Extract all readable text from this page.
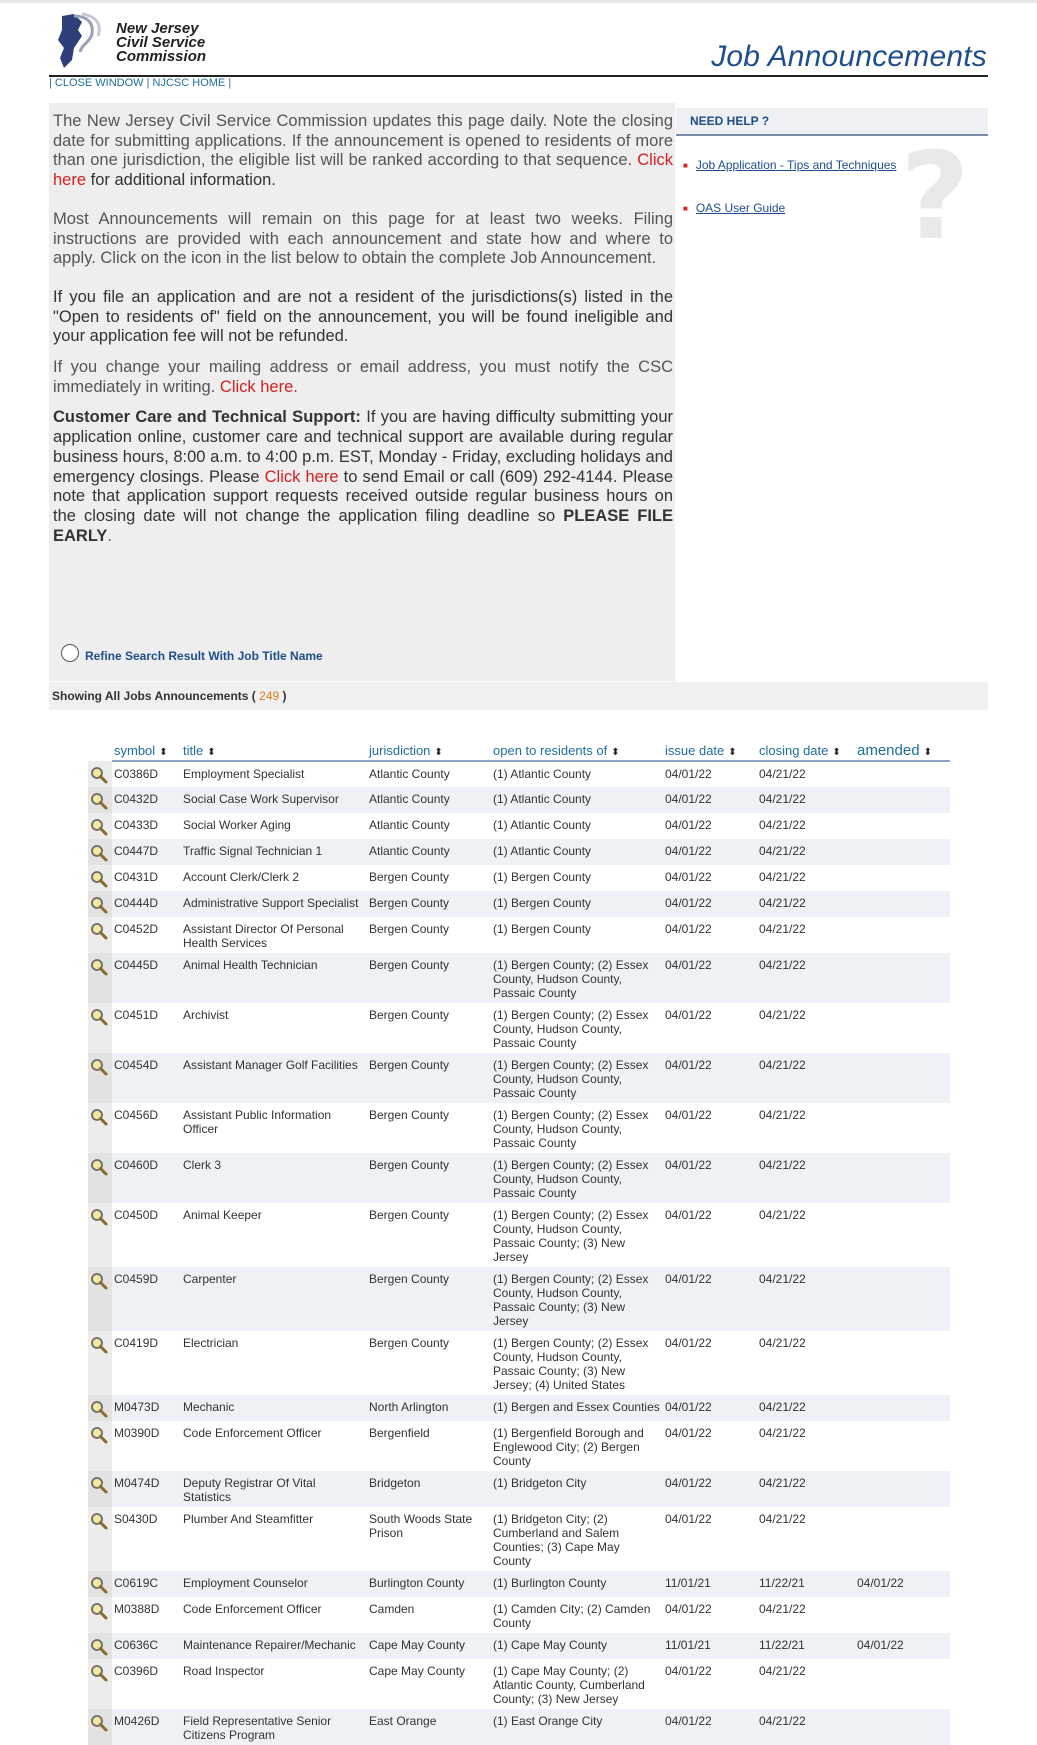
New Jersey
Civil Service
Commission	Job Announcements
| CLOSE WINDOW | NJCSC HOME |

The New Jersey Civil Service Commission updates this page daily. Note the closing date for submitting applications. If the announcement is opened to residents of more than one jurisdiction, the eligible list will be ranked according to that sequence. Click here for additional information.

Most Announcements will remain on this page for at least two weeks. Filing instructions are provided with each announcement and state how and where to apply. Click on the icon in the list below to obtain the complete Job Announcement.

If you file an application and are not a resident of the jurisdictions(s) listed in the "Open to residents of" field on the announcement, you will be found ineligible and your application fee will not be refunded.

If you change your mailing address or email address, you must notify the CSC immediately in writing. Click here.

Customer Care and Technical Support: If you are having difficulty submitting your application online, customer care and technical support are available during regular business hours, 8:00 a.m. to 4:00 p.m. EST, Monday - Friday, excluding holidays and emergency closings. Please Click here to send Email or call (609) 292-4144. Please note that application support requests received outside regular business hours on the closing date will not change the application filing deadline so PLEASE FILE EARLY.

NEED HELP ?
?
■ Job Application - Tips and Techniques
■ OAS User Guide
Refine Search Result With Job Title Name
Showing All Jobs Announcements ( 249 )
	symbol ⬍	title ⬍	jurisdiction ⬍	open to residents of ⬍	issue date ⬍	closing date ⬍	amended ⬍

	C0386D	Employment Specialist	Atlantic County	(1) Atlantic County	04/01/22	04/21/22	

	C0432D	Social Case Work Supervisor	Atlantic County	(1) Atlantic County	04/01/22	04/21/22	

	C0433D	Social Worker Aging	Atlantic County	(1) Atlantic County	04/01/22	04/21/22	

	C0447D	Traffic Signal Technician 1	Atlantic County	(1) Atlantic County	04/01/22	04/21/22	

	C0431D	Account Clerk/Clerk 2	Bergen County	(1) Bergen County	04/01/22	04/21/22	

	C0444D	Administrative Support Specialist	Bergen County	(1) Bergen County	04/01/22	04/21/22	

	C0452D	Assistant Director Of Personal Health Services	Bergen County	(1) Bergen County	04/01/22	04/21/22	

	C0445D	Animal Health Technician	Bergen County	(1) Bergen County; (2) Essex County, Hudson County, Passaic County	04/01/22	04/21/22	

	C0451D	Archivist	Bergen County	(1) Bergen County; (2) Essex County, Hudson County, Passaic County	04/01/22	04/21/22	

	C0454D	Assistant Manager Golf Facilities	Bergen County	(1) Bergen County; (2) Essex County, Hudson County, Passaic County	04/01/22	04/21/22	

	C0456D	Assistant Public Information Officer	Bergen County	(1) Bergen County; (2) Essex County, Hudson County, Passaic County	04/01/22	04/21/22	

	C0460D	Clerk 3	Bergen County	(1) Bergen County; (2) Essex County, Hudson County, Passaic County	04/01/22	04/21/22	

	C0450D	Animal Keeper	Bergen County	(1) Bergen County; (2) Essex County, Hudson County, Passaic County; (3) New Jersey	04/01/22	04/21/22	

	C0459D	Carpenter	Bergen County	(1) Bergen County; (2) Essex County, Hudson County, Passaic County; (3) New Jersey	04/01/22	04/21/22	

	C0419D	Electrician	Bergen County	(1) Bergen County; (2) Essex County, Hudson County, Passaic County; (3) New Jersey; (4) United States	04/01/22	04/21/22	

	M0473D	Mechanic	North Arlington	(1) Bergen and Essex Counties	04/01/22	04/21/22	

	M0390D	Code Enforcement Officer	Bergenfield	(1) Bergenfield Borough and Englewood City; (2) Bergen County	04/01/22	04/21/22	

	M0474D	Deputy Registrar Of Vital Statistics	Bridgeton	(1) Bridgeton City	04/01/22	04/21/22	

	S0430D	Plumber And Steamfitter	South Woods State Prison	(1) Bridgeton City; (2) Cumberland and Salem Counties; (3) Cape May County	04/01/22	04/21/22	

	C0619C	Employment Counselor	Burlington County	(1) Burlington County	11/01/21	11/22/21	04/01/22

	M0388D	Code Enforcement Officer	Camden	(1) Camden City; (2) Camden County	04/01/22	04/21/22	

	C0636C	Maintenance Repairer/Mechanic	Cape May County	(1) Cape May County	11/01/21	11/22/21	04/01/22

	C0396D	Road Inspector	Cape May County	(1) Cape May County; (2) Atlantic County, Cumberland County; (3) New Jersey	04/01/22	04/21/22	

	M0426D	Field Representative Senior Citizens Program	East Orange	(1) East Orange City	04/01/22	04/21/22	
